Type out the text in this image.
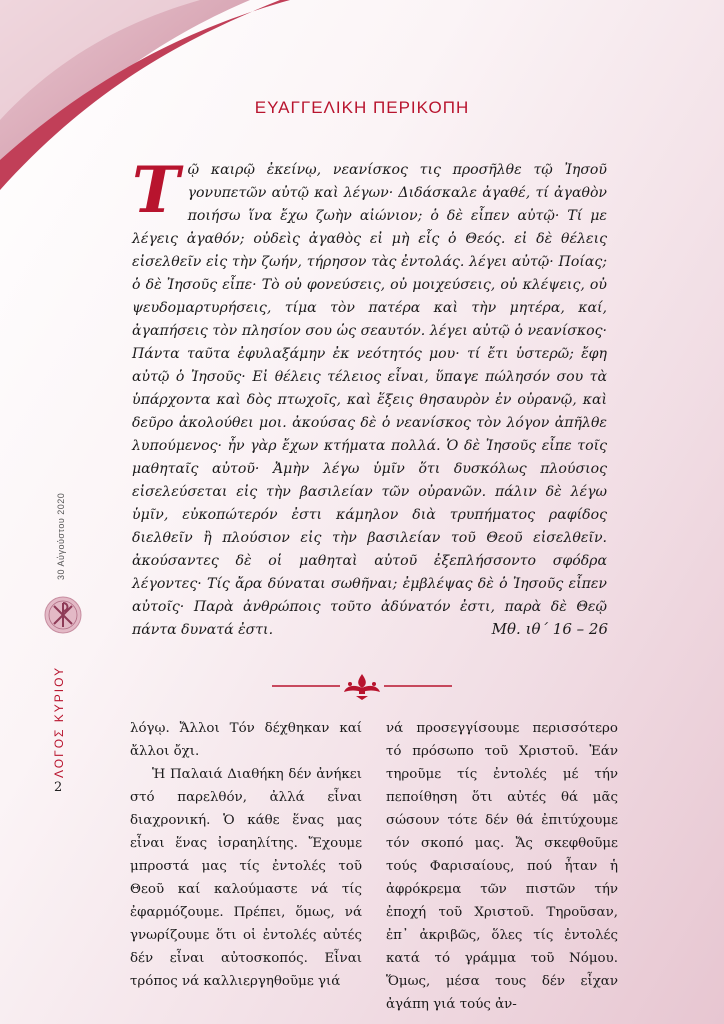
ΕΥΑΓΓΕΛΙΚΗ ΠΕΡΙΚΟΠΗ
Τῷ καιρῷ ἐκείνῳ, νεανίσκος τις προσῆλθε τῷ Ἰησοῦ γονυπετῶν αὐτῷ καὶ λέγων· Διδάσκαλε ἀγαθέ, τί ἀγαθὸν ποιήσω ἵνα ἔχω ζωὴν αἰώνιον; ὁ δὲ εἶπεν αὐτῷ· Τί με λέγεις ἀγαθόν; οὐδεὶς ἀγαθὸς εἰ μὴ εἷς ὁ Θεός. εἰ δὲ θέλεις εἰσελθεῖν εἰς τὴν ζωήν, τήρησον τὰς ἐντολάς. λέγει αὐτῷ· Ποίας; ὁ δὲ Ἰησοῦς εἶπε· Τὸ οὐ φονεύσεις, οὐ μοιχεύσεις, οὐ κλέψεις, οὐ ψευδομαρτυρήσεις, τίμα τὸν πατέρα καὶ τὴν μητέρα, καί, ἀγαπήσεις τὸν πλησίον σου ὡς σεαυτόν. λέγει αὐτῷ ὁ νεανίσκος· Πάντα ταῦτα ἐφυλαξάμην ἐκ νεότητός μου· τί ἔτι ὑστερῶ; ἔφη αὐτῷ ὁ Ἰησοῦς· Εἰ θέλεις τέλειος εἶναι, ὕπαγε πώλησόν σου τὰ ὑπάρχοντα καὶ δὸς πτωχοῖς, καὶ ἕξεις θησαυρὸν ἐν οὐρανῷ, καὶ δεῦρο ἀκολούθει μοι. ἀκούσας δὲ ὁ νεανίσκος τὸν λόγον ἀπῆλθε λυπούμενος· ἦν γὰρ ἔχων κτήματα πολλά. Ὁ δὲ Ἰησοῦς εἶπε τοῖς μαθηταῖς αὐτοῦ· Ἀμὴν λέγω ὑμῖν ὅτι δυσκόλως πλούσιος εἰσελεύσεται εἰς τὴν βασιλείαν τῶν οὐρανῶν. πάλιν δὲ λέγω ὑμῖν, εὐκοπώτερόν ἐστι κάμηλον διὰ τρυπήματος ραφίδος διελθεῖν ἢ πλούσιον εἰς τὴν βασιλείαν τοῦ Θεοῦ εἰσελθεῖν. ἀκούσαντες δὲ οἱ μαθηταὶ αὐτοῦ ἐξεπλήσσοντο σφόδρα λέγοντες· Τίς ἄρα δύναται σωθῆναι; ἐμβλέψας δὲ ὁ Ἰησοῦς εἶπεν αὐτοῖς· Παρὰ ἀνθρώποις τοῦτο ἀδύνατόν ἐστι, παρὰ δὲ Θεῷ πάντα δυνατά ἐστι.	Μθ. ιθ΄ 16 – 26

λόγῳ. Ἄλλοι Τόν δέχθηκαν καί ἄλλοι ὄχι.

Ἡ Παλαιά Διαθήκη δέν ἀνήκει στό παρελθόν, ἀλλά εἶναι διαχρονική. Ὁ κάθε ἕνας μας εἶναι ἕνας ἰσραηλίτης. Ἔχουμε μπροστά μας τίς ἐντολές τοῦ Θεοῦ καί καλούμαστε νά τίς ἐφαρμόζουμε. Πρέπει, ὅμως, νά γνωρίζουμε ὅτι οἱ ἐντολές αὐτές δέν εἶναι αὐτοσκοπός. Εἶναι τρόπος νά καλλιεργηθοῦμε γιά

νά προσεγγίσουμε περισσότερο τό πρόσωπο τοῦ Χριστοῦ. Ἐάν τηροῦμε τίς ἐντολές μέ τήν πεποίθηση ὅτι αὐτές θά μᾶς σώσουν τότε δέν θά ἐπιτύχουμε τόν σκοπό μας. Ἄς σκεφθοῦμε τούς Φαρισαίους, πού ἦταν ἡ ἀφρόκρεμα τῶν πιστῶν τήν ἐποχή τοῦ Χριστοῦ. Τηροῦσαν, ἐπ᾿ ἀκριβῶς, ὅλες τίς ἐντολές κατά τό γράμμα τοῦ Νόμου. Ὅμως, μέσα τους δέν εἶχαν ἀγάπη γιά τούς ἀν-

30 Αὐγούστου 2020
ΛΟΓΟΣ ΚΥΡΙΟΥ
2
